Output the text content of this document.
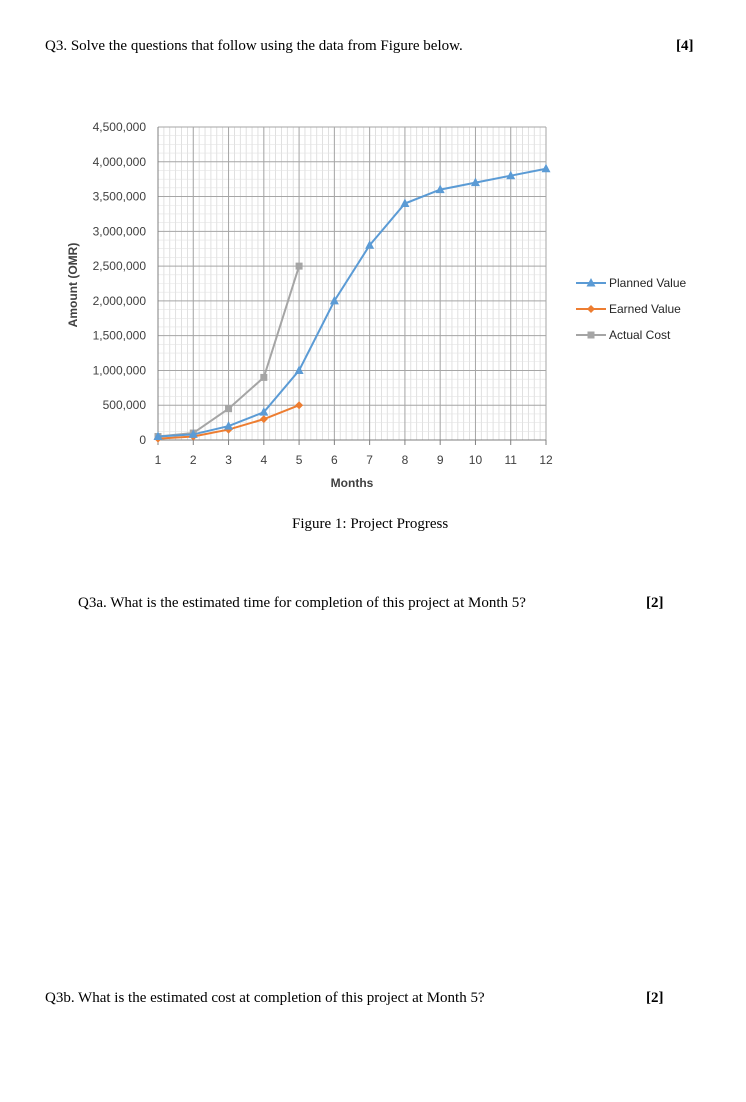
Q3. Solve the questions that follow using the data from Figure below.	[4]
0
500,000
1,000,000
1,500,000
2,000,000
2,500,000
3,000,000
3,500,000
4,000,000
4,500,000
1 2 3 4 5 6 7 8 9 10 11 12
Amount (OMR)
Months
Planned Value
Earned Value
Actual Cost
Figure 1: Project Progress
Q3a. What is the estimated time for completion of this project at Month 5?	[2]
Q3b. What is the estimated cost at completion of this project at Month 5?	[2]
